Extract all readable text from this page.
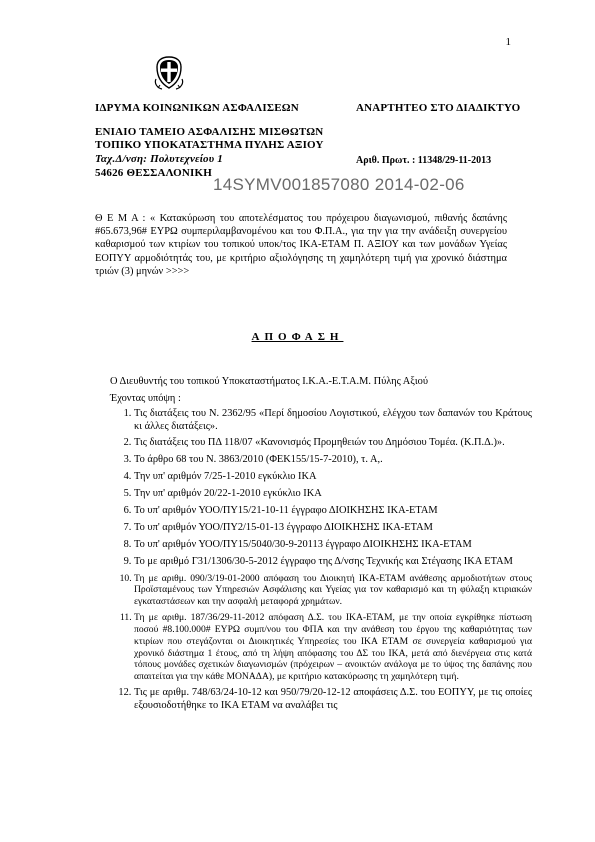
1
ΙΔΡΥΜΑ ΚΟΙΝΩΝΙΚΩΝ ΑΣΦΑΛΙΣΕΩΝ	ΑΝΑΡΤΗΤΕΟ ΣΤΟ ΔΙΑΔΙΚΤΥΟ
ΕΝΙΑΙΟ ΤΑΜΕΙΟ ΑΣΦΑΛΙΣΗΣ ΜΙΣΘΩΤΩΝ
ΤΟΠΙΚΟ ΥΠΟΚΑΤΑΣΤΗΜΑ ΠΥΛΗΣ ΑΞΙΟΥ
Ταχ.Δ/νση: Πολυτεχνείου 1	Αριθ. Πρωτ. : 11348/29-11-2013
54626 ΘΕΣΣΑΛΟΝΙΚΗ
14SYMV001857080 2014-02-06
Θ Ε Μ Α : « Κατακύρωση του αποτελέσματος του πρόχειρου διαγωνισμού, πιθανής δαπάνης #65.673,96# ΕΥΡΩ συμπεριλαμβανομένου και του Φ.Π.Α., για την για την ανάδειξη συνεργείου καθαρισμού των κτιρίων του τοπικού υποκ/τος ΙΚΑ-ΕΤΑΜ Π. ΑΞΙΟΥ και των μονάδων Υγείας ΕΟΠΥΥ αρμοδιότητάς του, με κριτήριο αξιολόγησης τη χαμηλότερη τιμή για χρονικό διάστημα τριών (3) μηνών >>>>
ΑΠΟΦΑΣΗ
Ο Διευθυντής του τοπικού Υποκαταστήματος Ι.Κ.Α.-Ε.Τ.Α.Μ. Πύλης Αξιού
Έχοντας υπόψη :
1. Τις διατάξεις του Ν. 2362/95 «Περί δημοσίου Λογιστικού, ελέγχου των δαπανών του Κράτους κι άλλες διατάξεις».
2. Τις διατάξεις του ΠΔ 118/07 «Κανονισμός Προμηθειών του Δημόσιου Τομέα. (Κ.Π.Δ.)».
3. Το άρθρο 68 του Ν. 3863/2010 (ΦΕΚ155/15-7-2010), τ. Α,.
4. Την υπ' αριθμόν 7/25-1-2010 εγκύκλιο ΙΚΑ
5. Την υπ' αριθμόν 20/22-1-2010 εγκύκλιο ΙΚΑ
6. Το υπ' αριθμόν ΥΟΟ/ΠΥ15/21-10-11 έγγραφο ΔΙΟΙΚΗΣΗΣ ΙΚΑ-ΕΤΑΜ
7. Το υπ' αριθμόν ΥΟΟ/ΠΥ2/15-01-13 έγγραφο ΔΙΟΙΚΗΣΗΣ ΙΚΑ-ΕΤΑΜ
8. Το υπ' αριθμόν ΥΟΟ/ΠΥ15/5040/30-9-20113 έγγραφο ΔΙΟΙΚΗΣΗΣ ΙΚΑ-ΕΤΑΜ
9. Το με αριθμό Γ31/1306/30-5-2012 έγγραφο της Δ/νσης Τεχνικής και Στέγασης ΙΚΑ ΕΤΑΜ
10. Τη με αριθμ. 090/3/19-01-2000 απόφαση του Διοικητή ΙΚΑ-ΕΤΑΜ ανάθεσης αρμοδιοτήτων στους Προϊσταμένους των Υπηρεσιών Ασφάλισης και Υγείας για τον καθαρισμό και τη φύλαξη κτιριακών εγκαταστάσεων και την ασφαλή μεταφορά χρημάτων.
11. Τη με αριθμ. 187/36/29-11-2012 απόφαση Δ.Σ. του ΙΚΑ-ΕΤΑΜ, με την οποία εγκρίθηκε πίστωση ποσού #8.100.000# ΕΥΡΩ συμπ/νου του ΦΠΑ και την ανάθεση του έργου της καθαριότητας των κτιρίων που στεγάζονται οι Διοικητικές Υπηρεσίες του ΙΚΑ ΕΤΑΜ σε συνεργεία καθαρισμού για χρονικό διάστημα 1 έτους, από τη λήψη απόφασης του ΔΣ του ΙΚΑ, μετά από διενέργεια στις κατά τόπους μονάδες σχετικών διαγωνισμών (πρόχειρων – ανοικτών ανάλογα με το ύψος της δαπάνης που απαιτείται για την κάθε ΜΟΝΑΔΑ), με κριτήριο κατακύρωσης τη χαμηλότερη τιμή.
12. Τις με αριθμ. 748/63/24-10-12 και 950/79/20-12-12 αποφάσεις Δ.Σ. του ΕΟΠΥΥ, με τις οποίες εξουσιοδοτήθηκε το ΙΚΑ ΕΤΑΜ να αναλάβει τις
